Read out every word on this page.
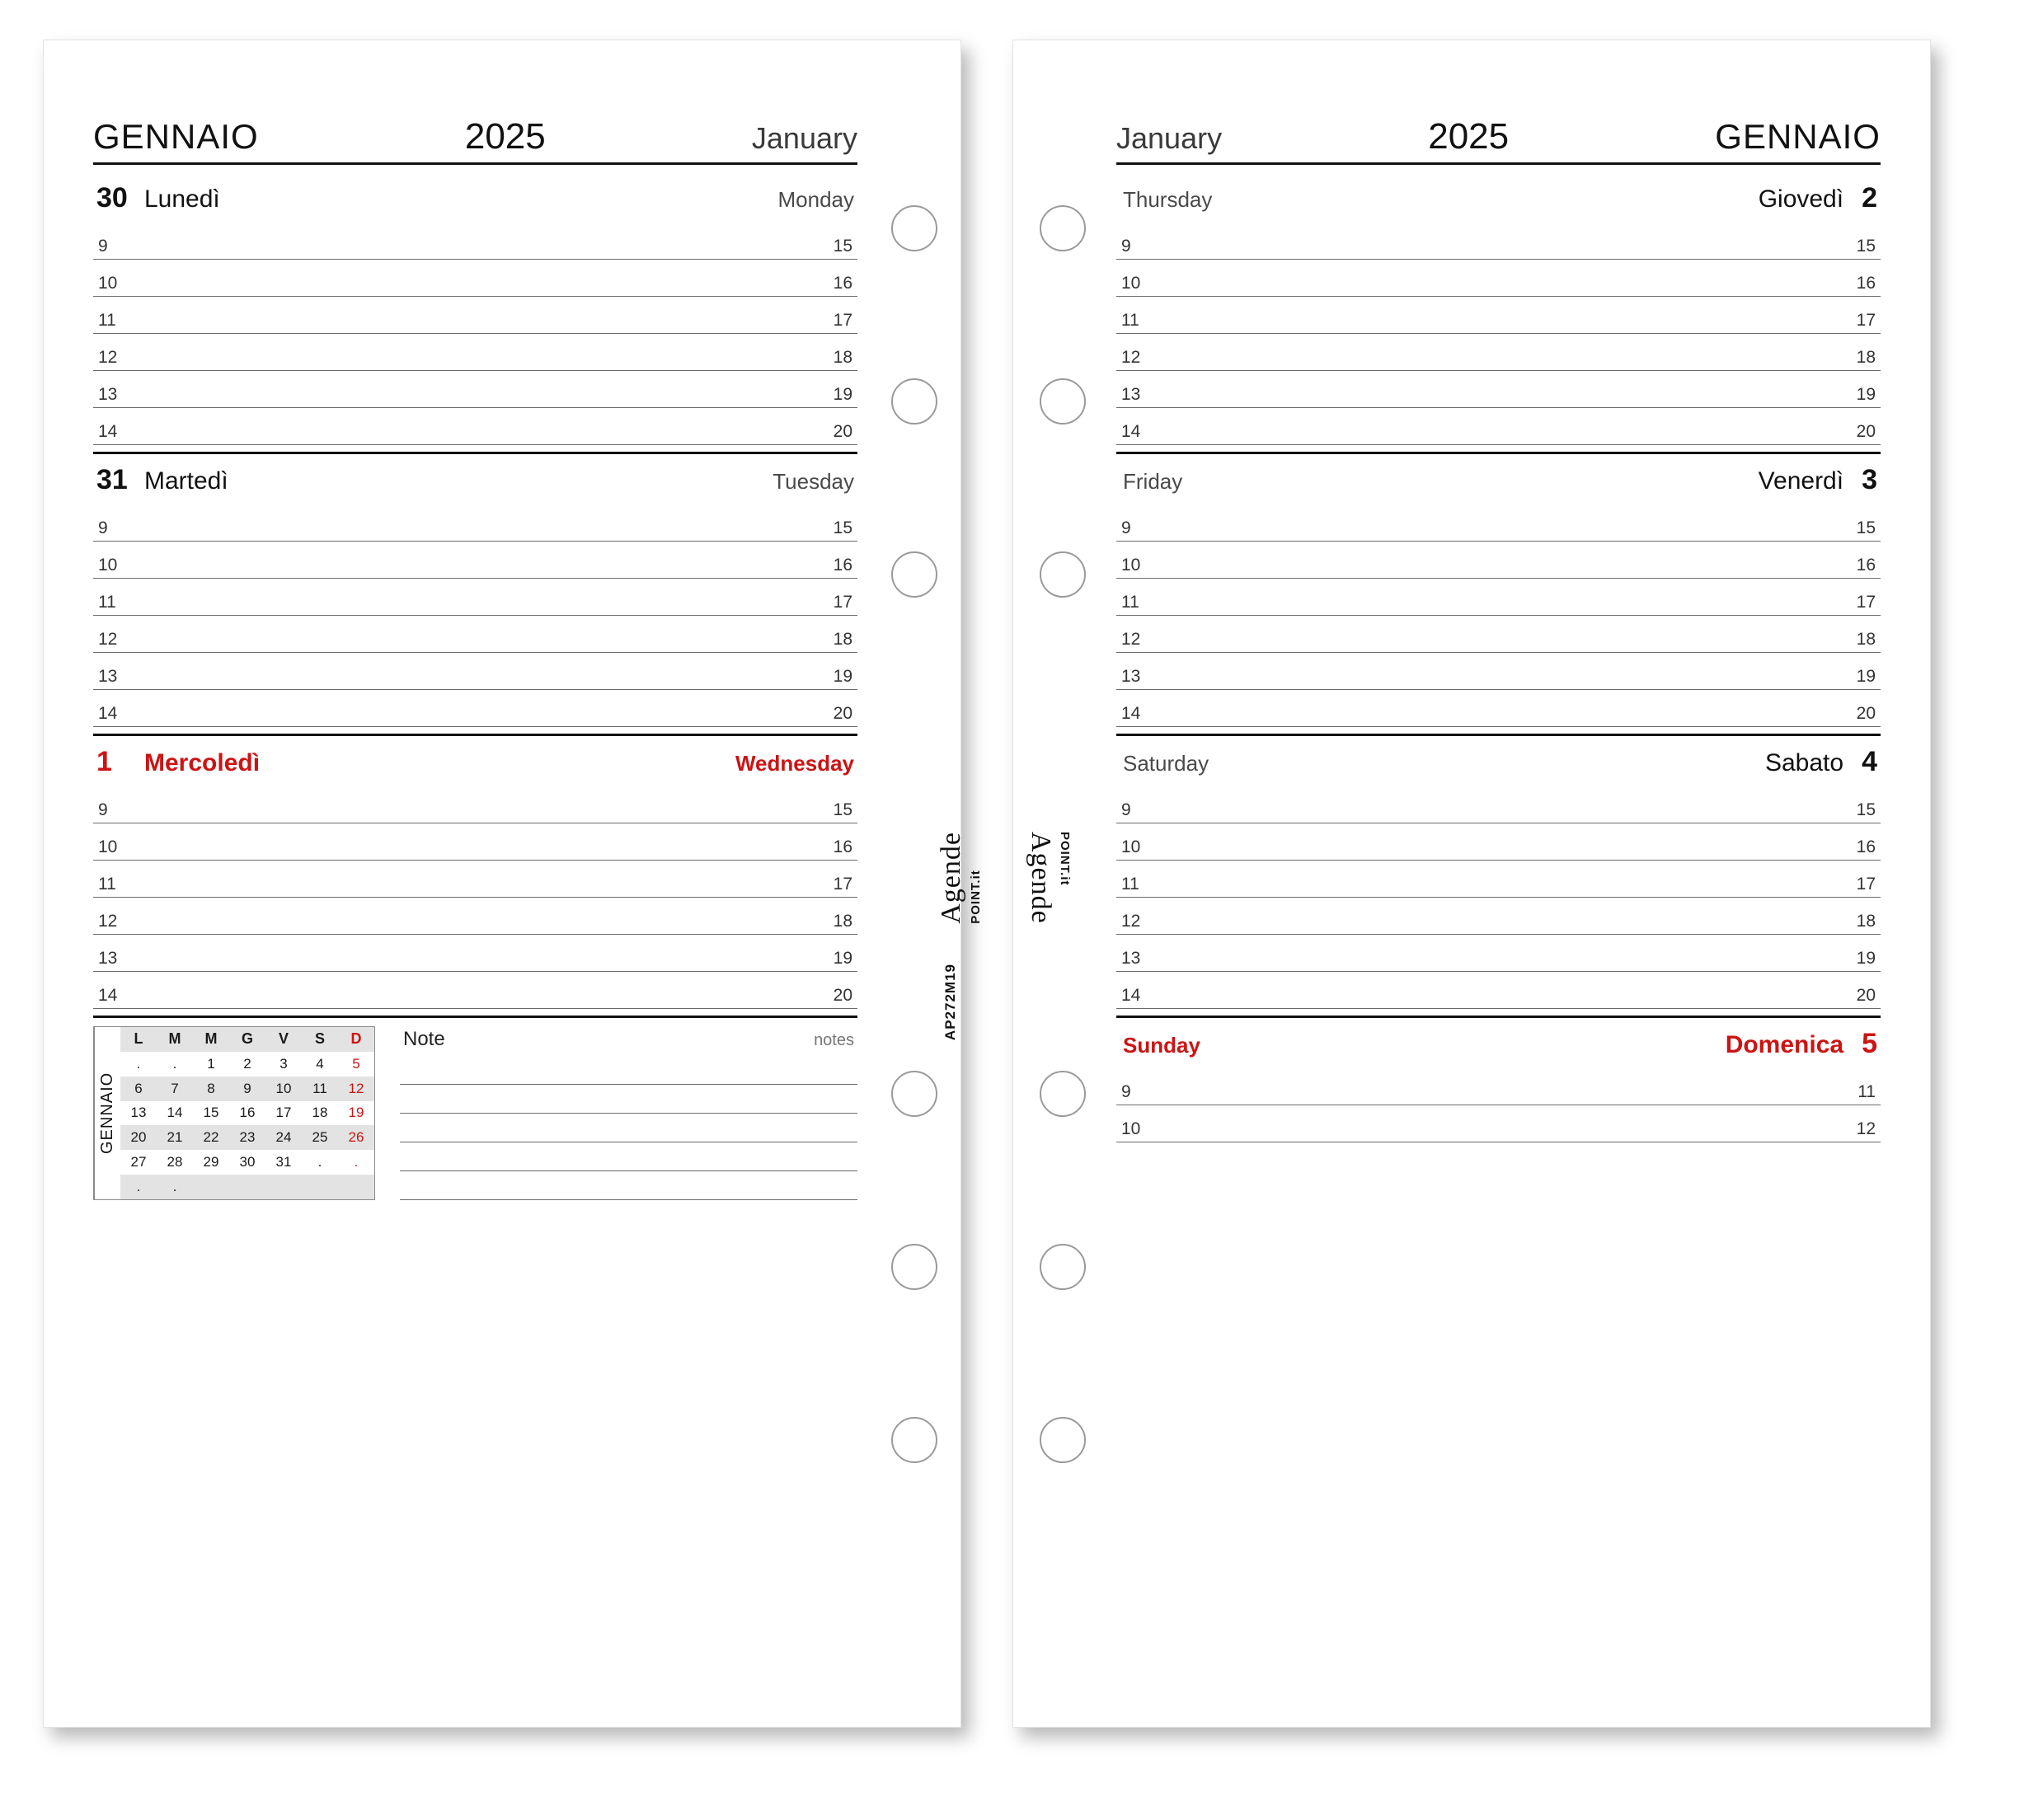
GENNAIO	2025	January
30 Lunedì	Monday
9	15
10	16
11	17
12	18
13	19
14	20
31 Martedì	Tuesday
9	15
10	16
11	17
12	18
13	19
14	20
1	Mercoledì	Wednesday
9	15
10	16
11	17
12	18
13	19
14	20
GENNAIO
L	M	M	G	V	S	D
.	.	1	2	3	4	5
6	7	8	9	10	11	12
13	14	15	16	17	18	19
20	21	22	23	24	25	26
27	28	29	30	31	.	.
.	.					
Note	notes
Agende POINT.it
AP272M19
January	2025	GENNAIO
Thursday	Giovedì 2
9	15
10	16
11	17
12	18
13	19
14	20
Friday	Venerdì 3
9	15
10	16
11	17
12	18
13	19
14	20
Saturday	Sabato 4
9	15
10	16
11	17
12	18
13	19
14	20
Sunday	Domenica 5
9	11
10	12
Agende POINT.it
